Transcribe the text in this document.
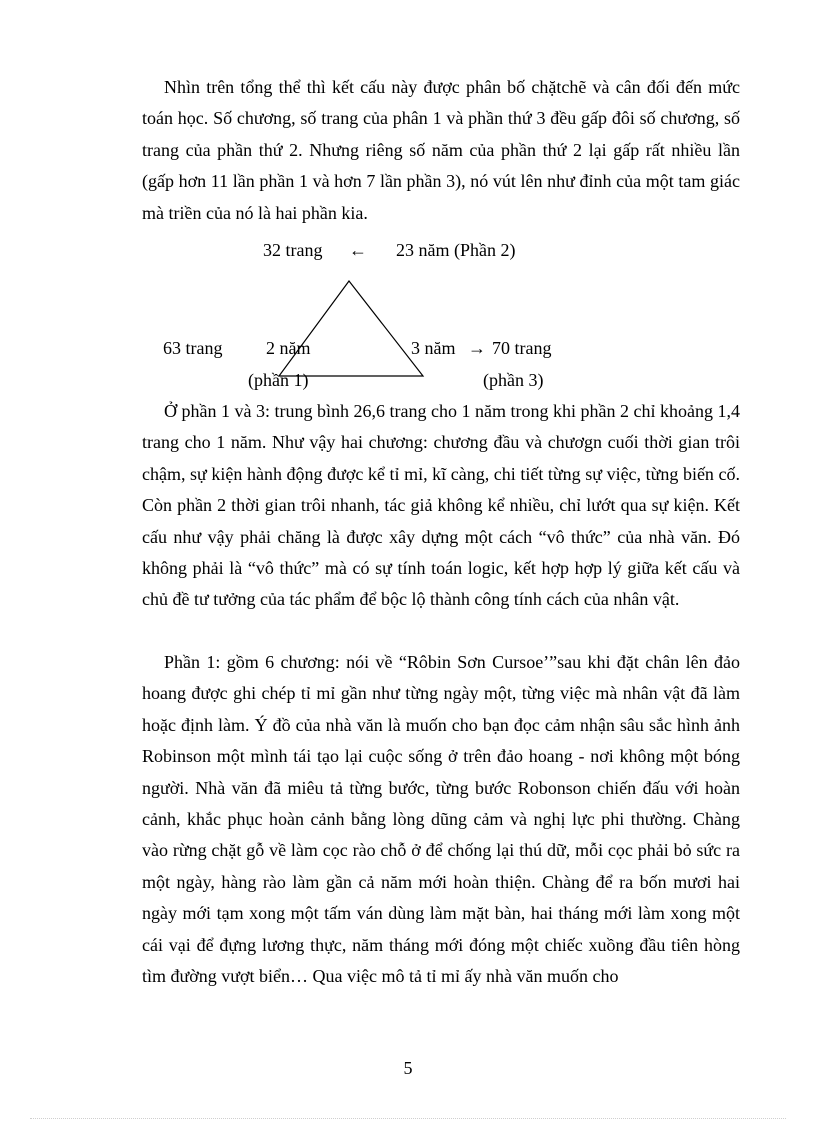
Nhìn trên tổng thể thì kết cấu này được phân bố chặtchẽ và cân đối đến mức toán học. Số chương, số trang của phân 1 và phần thứ 3 đều gấp đôi số chương, số trang của phần thứ 2. Nhưng riêng số năm của phần thứ 2 lại gấp rất nhiều lần (gấp hơn 11 lần phần 1 và hơn 7 lần phần 3), nó vút lên như đỉnh của một tam giác mà triền của nó là hai phần kia.

32 trang ← 23 năm (Phần 2)
63 trang 2 năm
(phần 1)
3 năm → 70 trang
(phần 3)

Ở phần 1 và 3: trung bình 26,6 trang cho 1 năm trong khi phần 2 chỉ khoảng 1,4 trang cho 1 năm. Như vậy hai chương: chương đầu và chươgn cuối thời gian trôi chậm, sự kiện hành động được kể tỉ mỉ, kĩ càng, chi tiết từng sự việc, từng biến cố. Còn phần 2 thời gian trôi nhanh, tác giả không kể nhiều, chỉ lướt qua sự kiện. Kết cấu như vậy phải chăng là được xây dựng một cách “vô thức” của nhà văn. Đó không phải là “vô thức” mà có sự tính toán logic, kết hợp hợp lý giữa kết cấu và chủ đề tư tưởng của tác phẩm để bộc lộ thành công tính cách của nhân vật.

Phần 1: gồm 6 chương: nói về “Rôbin Sơn Cursoe’”sau khi đặt chân lên đảo hoang được ghi chép tỉ mỉ gần như từng ngày một, từng việc mà nhân vật đã làm hoặc định làm. Ý đồ của nhà văn là muốn cho bạn đọc cảm nhận sâu sắc hình ảnh Robinson một mình tái tạo lại cuộc sống ở trên đảo hoang - nơi không một bóng người. Nhà văn đã miêu tả từng bước, từng bước Robonson chiến đấu với hoàn cảnh, khắc phục hoàn cảnh bằng lòng dũng cảm và nghị lực phi thường. Chàng vào rừng chặt gỗ về làm cọc rào chỗ ở để chống lại thú dữ, mỗi cọc phải bỏ sức ra một ngày, hàng rào làm gần cả năm mới hoàn thiện. Chàng để ra bốn mươi hai ngày mới tạm xong một tấm ván dùng làm mặt bàn, hai tháng mới làm xong một cái vại để đựng lương thực, năm tháng mới đóng một chiếc xuồng đầu tiên hòng tìm đường vượt biển… Qua việc mô tả tỉ mỉ ấy nhà văn muốn cho

5
